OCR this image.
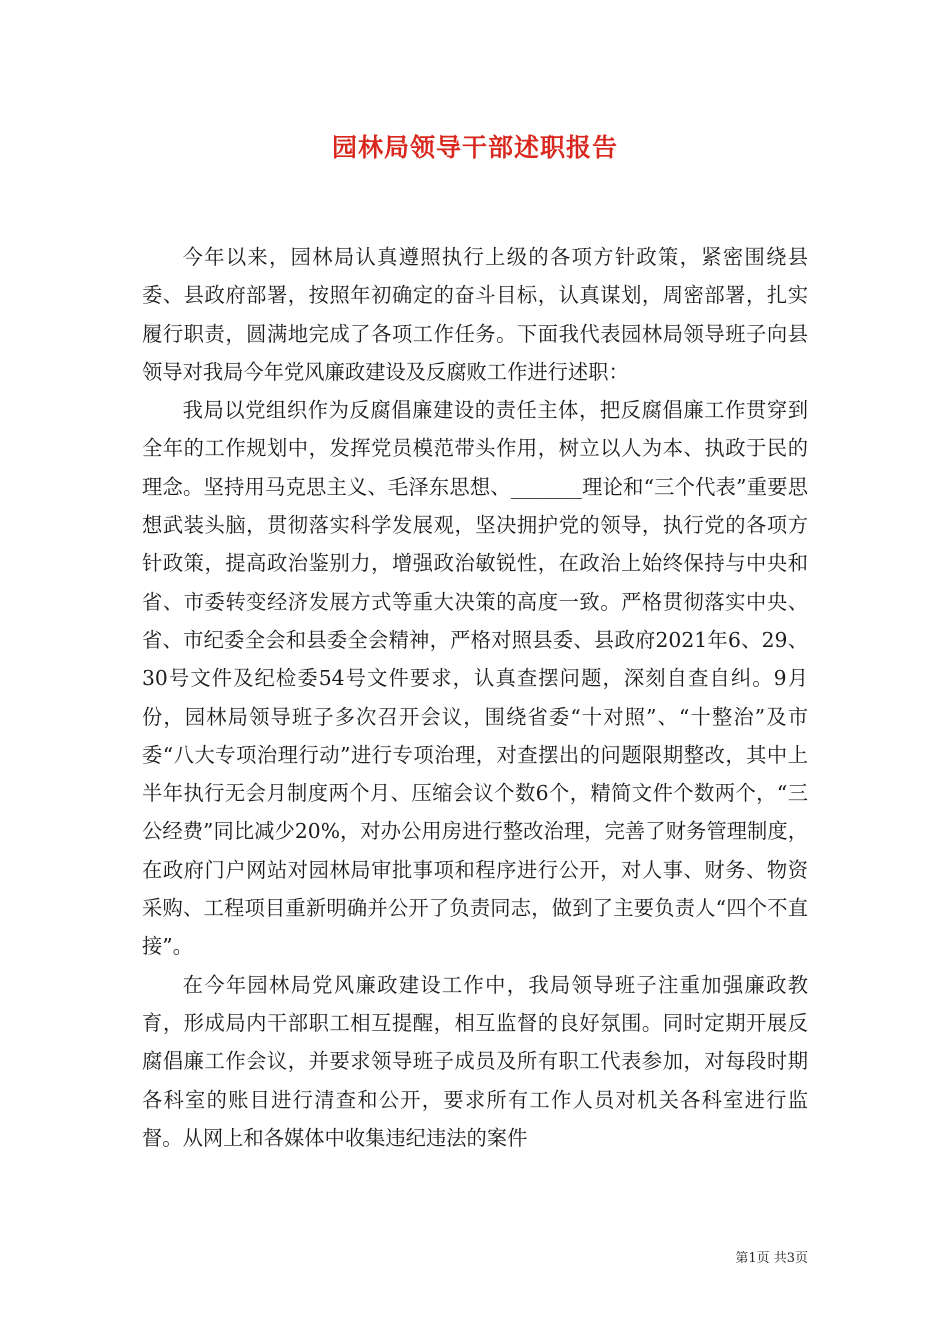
园林局领导干部述职报告

今年以来，园林局认真遵照执行上级的各项方针政策，紧密围绕县委、县政府部署，按照年初确定的奋斗目标，认真谋划，周密部署，扎实履行职责，圆满地完成了各项工作任务。下面我代表园林局领导班子向县领导对我局今年党风廉政建设及反腐败工作进行述职：

我局以党组织作为反腐倡廉建设的责任主体，把反腐倡廉工作贯穿到全年的工作规划中，发挥党员模范带头作用，树立以人为本、执政于民的理念。坚持用马克思主义、毛泽东思想、_______理论和“三个代表”重要思想武装头脑，贯彻落实科学发展观，坚决拥护党的领导，执行党的各项方针政策，提高政治鉴别力，增强政治敏锐性，在政治上始终保持与中央和省、市委转变经济发展方式等重大决策的高度一致。严格贯彻落实中央、省、市纪委全会和县委全会精神，严格对照县委、县政府2021年6、29、30号文件及纪检委54号文件要求，认真查摆问题，深刻自查自纠。9月份，园林局领导班子多次召开会议，围绕省委“十对照”、“十整治”及市委“八大专项治理行动”进行专项治理，对查摆出的问题限期整改，其中上半年执行无会月制度两个月、压缩会议个数6个，精简文件个数两个，“三公经费”同比减少20%，对办公用房进行整改治理，完善了财务管理制度，在政府门户网站对园林局审批事项和程序进行公开，对人事、财务、物资采购、工程项目重新明确并公开了负责同志，做到了主要负责人“四个不直接”。

在今年园林局党风廉政建设工作中，我局领导班子注重加强廉政教育，形成局内干部职工相互提醒，相互监督的良好氛围。同时定期开展反腐倡廉工作会议，并要求领导班子成员及所有职工代表参加，对每段时期各科室的账目进行清查和公开，要求所有工作人员对机关各科室进行监督。从网上和各媒体中收集违纪违法的案件

第1页 共3页
